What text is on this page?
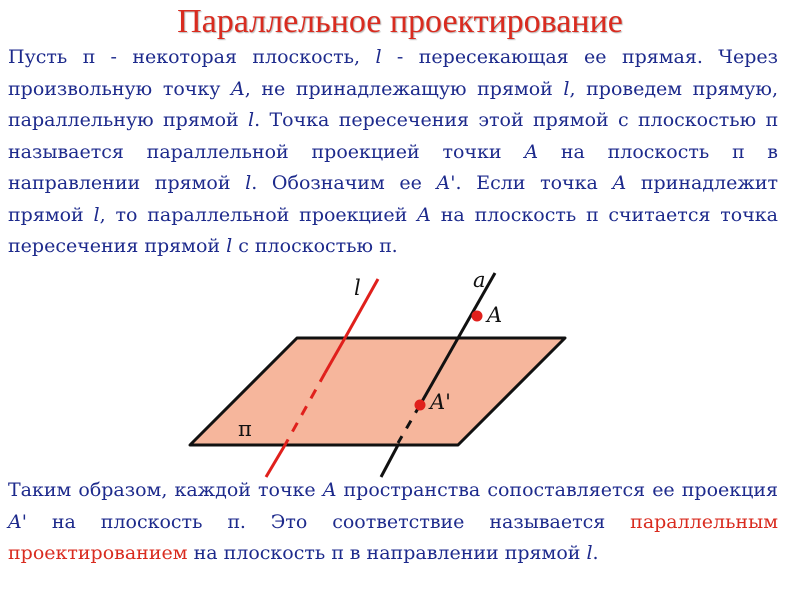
Параллельное проектирование
Пусть π - некоторая плоскость, l - пересекающая ее прямая. Через произвольную точку A, не принадлежащую прямой l, проведем прямую, параллельную прямой l. Точка пересечения этой прямой с плоскостью π называется параллельной проекцией точки A на плоскость π в направлении прямой l. Обозначим ее A'. Если точка A принадлежит прямой l, то параллельной проекцией A на плоскость π считается точка пересечения прямой l с плоскостью π.
l	a
A
A'
π
Таким образом, каждой точке A пространства сопоставляется ее проекция A' на плоскость π. Это соответствие называется параллельным проектированием на плоскость π в направлении прямой l.
